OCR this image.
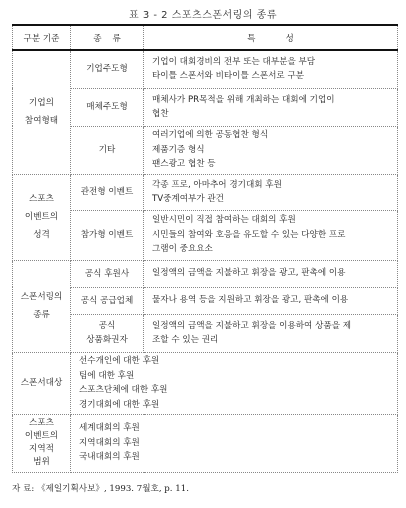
표 3 - 2 스포츠스폰서링의 종류
구분 기준	종    류	특           성

기업의
참여형태	기업주도형	기업이 대회경비의 전부 또는 대부분을 부담
타이틀 스폰서와 비타이틀 스폰서로 구분

	매체주도형	매체사가 PR목적을 위해 개최하는 대회에 기업이
협찬

	기타	여러기업에 의한 공동협찬 형식
제품기증 형식
팬스광고 협찬 등

스포츠
이벤트의
성격	관전형 이벤트	각종 프로, 아마추어 경기대회 후원
TV중계여부가 관건

	참가형 이벤트	일반시민이 직접 참여하는 대회의 후원
시민들의 참여와 호응을 유도할 수 있는 다양한 프로
그램이 중요요소

스폰서링의
종류	공식 후원사	일정액의 금액을 지불하고 휘장을 광고, 판촉에 이용

	공식 공급업체	물자나 용역 등을 지원하고 휘장을 광고, 판촉에 이용

	공식
상품화권자	일정액의 금액을 지불하고 휘장을 이용하여 상품을 제
조할 수 있는 권리

스폰서대상	선수개인에 대한 후원
팀에 대한 후원
스포츠단체에 대한 후원
경기대회에 대한 후원	

스포츠
이벤트의
지역적
범위	세계대회의 후원
지역대회의 후원
국내대회의 후원	
자 료: 《제일기획사보》, 1993. 7월호, p. 11.
